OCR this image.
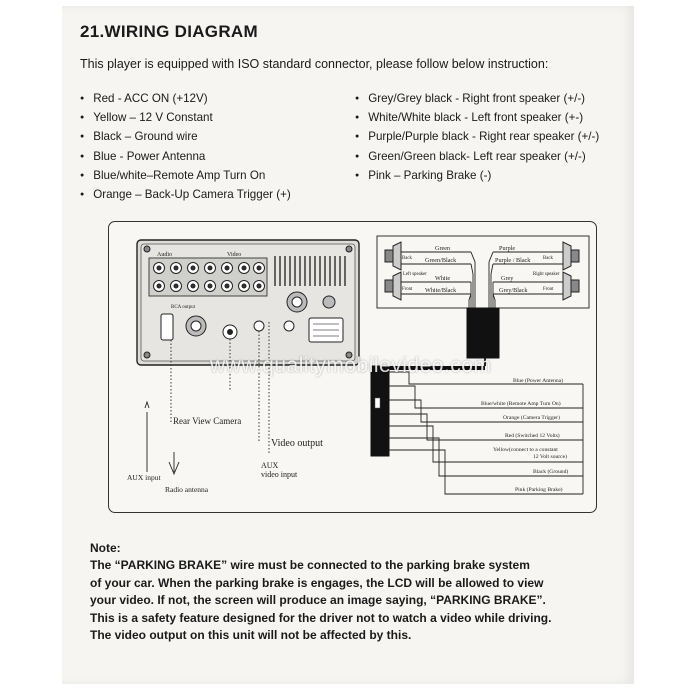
21.WIRING DIAGRAM
This player is equipped with ISO standard connector, please follow below instruction:
● Red - ACC ON (+12V)
● Yellow – 12 V Constant
● Black – Ground wire
● Blue - Power Antenna
● Blue/white–Remote Amp Turn On
● Orange – Back-Up Camera Trigger (+)
● Grey/Grey black - Right front speaker (+/-)
● White/White black - Left front speaker (+-)
● Purple/Purple black - Right rear speaker (+/-)
● Green/Green black- Left rear speaker (+/-)
● Pink – Parking Brake (-)
Audio	Video
RCA output
Rear View Camera
Video output
AUX input
AUX
video input
Radio antenna
Green
Green/Black
Purple
Purple / Black
White
White/Black
Grey
Grey/Black
Left speaker	Right speaker
Back	Back
Front	Front
Blue (Power Antenna)
Blue/white (Remote Amp Turn On)
Orange (Camera Trigger)
Red (Switched 12 Volts)
Yellow(connect to a constant
12 Volt source)
Black (Ground)
Pink (Parking Brake)
www.qualitymobilevideo.com
Note:
The “PARKING BRAKE” wire must be connected to the parking brake system
of your car. When the parking brake is engages, the LCD will be allowed to view
your video. If not, the screen will produce an image saying, “PARKING BRAKE”.
This is a safety feature designed for the driver not to watch a video while driving.
The video output on this unit will not be affected by this.
